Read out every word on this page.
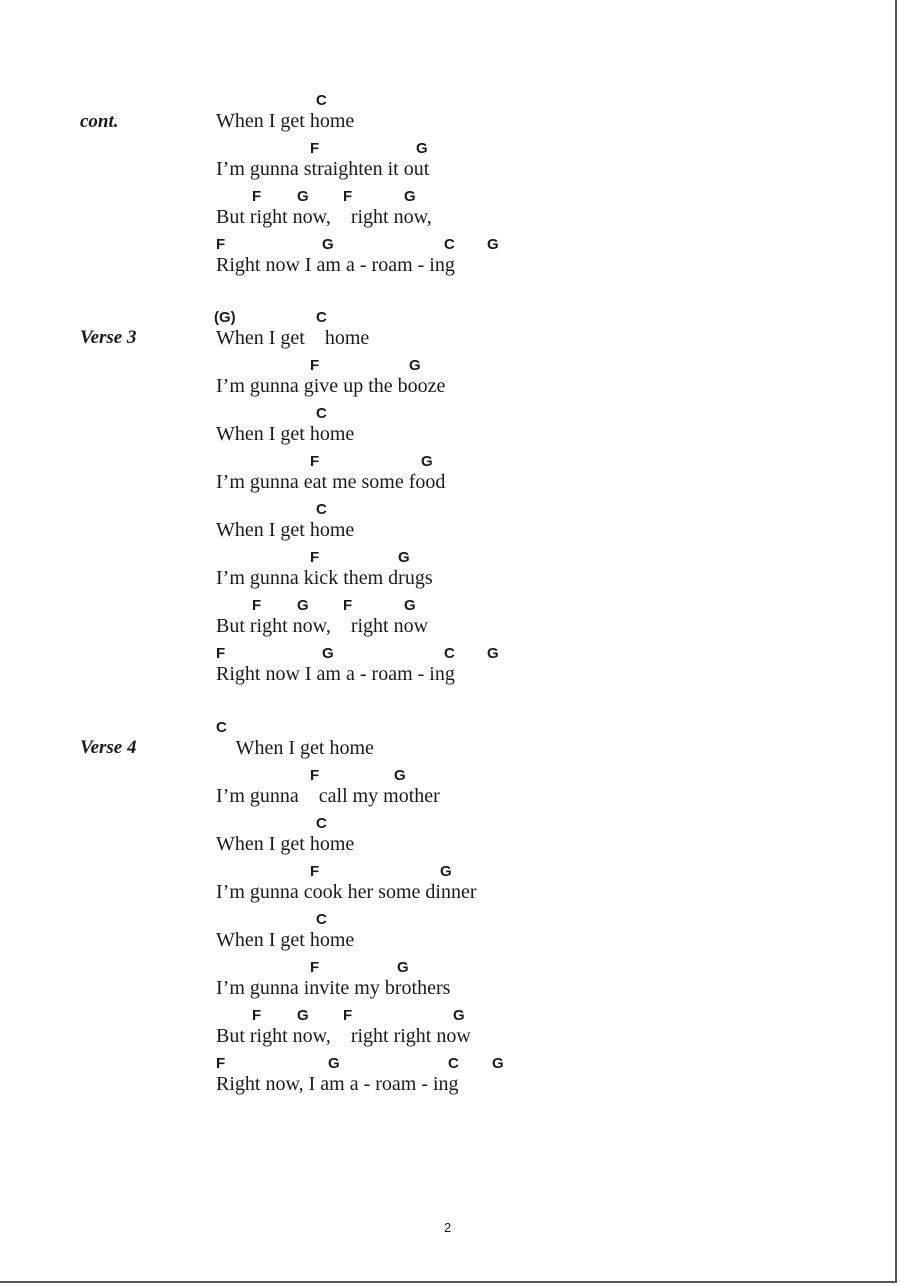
cont.
C
When I get home
F	G
I’m gunna straighten it out
F G F	G
But right now,    right now,
F	G	C G
Right now I am a - roam - ing
Verse 3
(G)	C
When I get    home
F	G
I’m gunna give up the booze
C
When I get home
F	G
I’m gunna eat me some food
C
When I get home
F	G
I’m gunna kick them drugs
F G F	G
But right now,    right now
F	G	C G
Right now I am a - roam - ing
Verse 4
C
When I get home
F	G
I’m gunna    call my mother
C
When I get home
F	G
I’m gunna cook her some dinner
C
When I get home
F	G
I’m gunna invite my brothers
F G F	G
But right now,    right right now
F	G	C G
Right now, I am a - roam - ing
2
